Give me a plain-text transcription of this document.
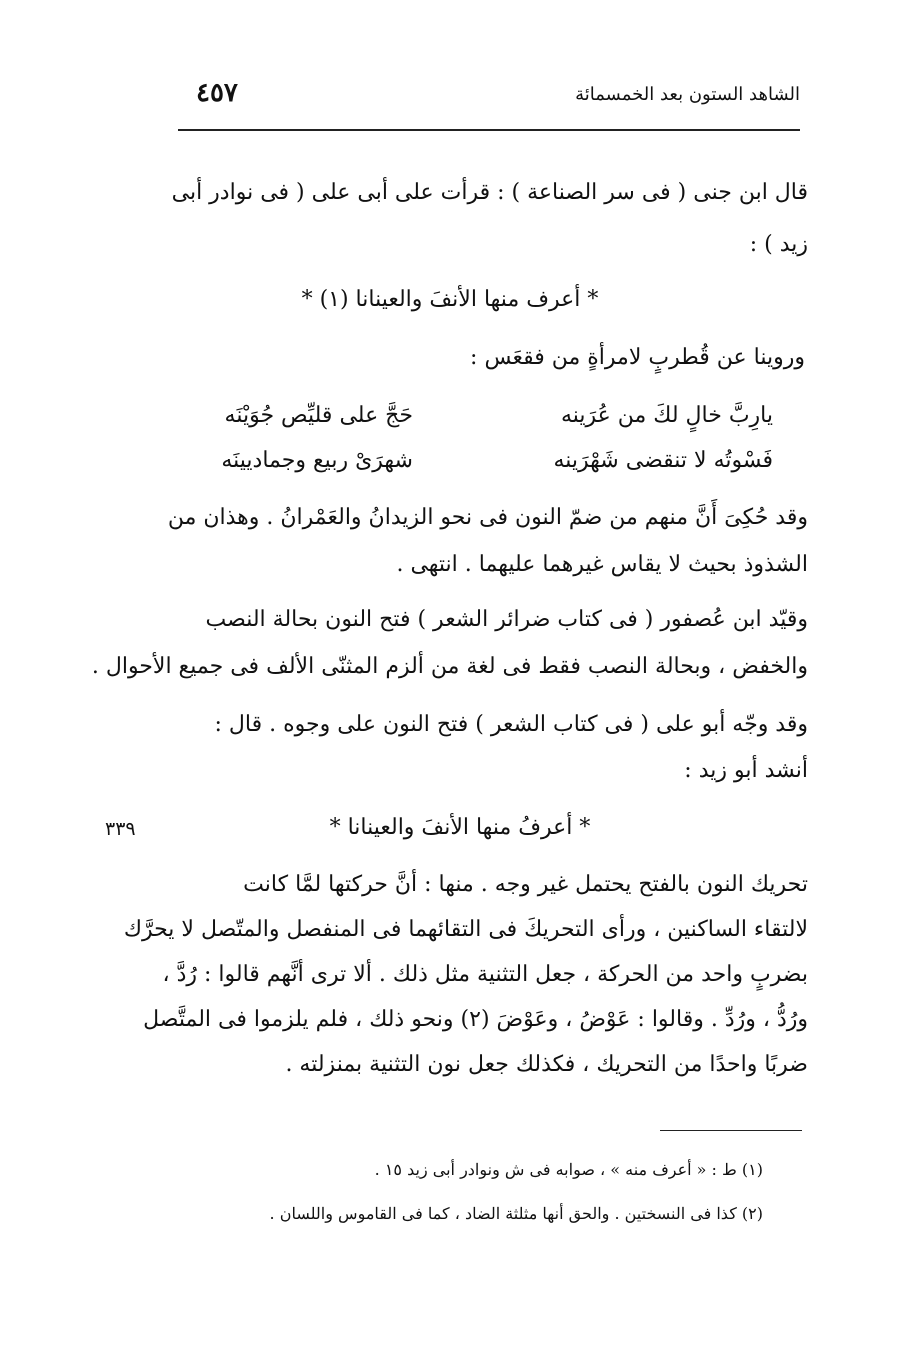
٤٥٧	الشاهد الستون بعد الخمسمائة
قال ابن جنى ( فى سر الصناعة ) : قرأت على أبى على ( فى نوادر أبى
زيد ) :
* أعرف منها الأنفَ والعينانا (١) *
وروينا عن قُطربٍ لامرأةٍ من فقعَس :
يارِبَّ خالٍ لكَ من عُرَينه
حَجَّ على قليِّص جُوَيْنَه
فَسْوتُه لا تنقضى شَهْرَينه
شهرَىْ ربيع وجماديينَه
وقد حُكِىَ أَنَّ منهم من ضمّ النون فى نحو الزيدانُ والعَمْرانُ . وهذان من
الشذوذ بحيث لا يقاس غيرهما عليهما . انتهى .
وقيّد ابن عُصفور ( فى كتاب ضرائر الشعر ) فتح النون بحالة النصب
والخفض ، وبحالة النصب فقط فى لغة من ألزم المثنّى الألف فى جميع الأحوال .
وقد وجّه أبو على ( فى كتاب الشعر ) فتح النون على وجوه . قال :
أنشد أبو زيد :
٣٣٩	* أعرفُ منها الأنفَ والعينانا *
تحريك النون بالفتح يحتمل غير وجه . منها : أنَّ حركتها لمَّا كانت
لالتقاء الساكنين ، ورأى التحريكَ فى التقائهما فى المنفصل والمتّصل لا يحرَّك
بضربٍ واحد من الحركة ، جعل التثنية مثل ذلك . ألا ترى أنَّهم قالوا : رُدَّ ،
ورُدُّ ، ورُدِّ . وقالوا : عَوْضُ ، وعَوْضَ (٢) ونحو ذلك ، فلم يلزموا فى المتَّصل
ضربًا واحدًا من التحريك ، فكذلك جعل نون التثنية بمنزلته .
(١) ط : « أعرف منه » ، صوابه فى ش ونوادر أبى زيد ١٥ .
(٢) كذا فى النسختين . والحق أنها مثلثة الضاد ، كما فى القاموس واللسان .
